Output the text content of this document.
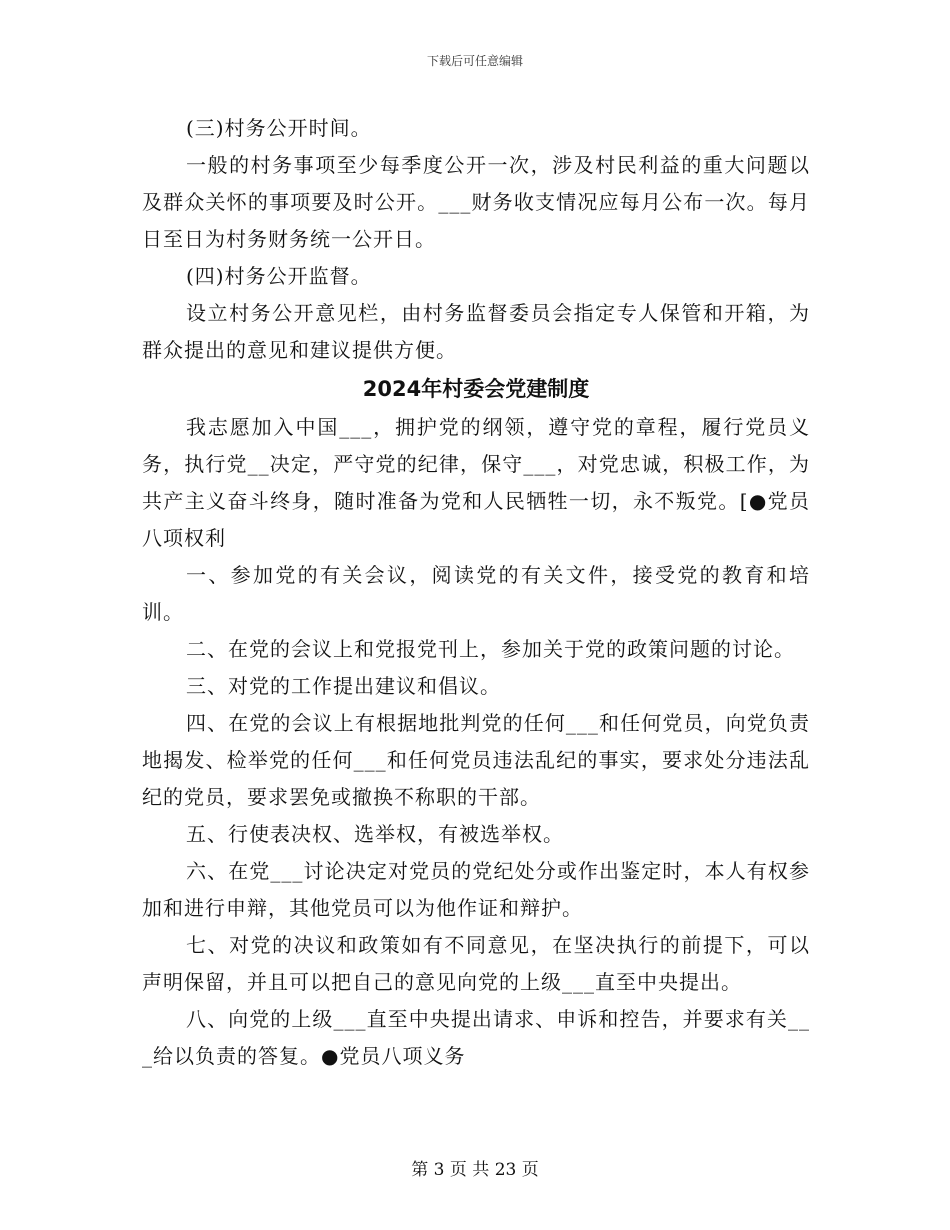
下载后可任意编辑

(三)村务公开时间。

一般的村务事项至少每季度公开一次，涉及村民利益的重大问题以及群众关怀的事项要及时公开。___财务收支情况应每月公布一次。每月日至日为村务财务统一公开日。

(四)村务公开监督。

设立村务公开意见栏，由村务监督委员会指定专人保管和开箱，为群众提出的意见和建议提供方便。

2024年村委会党建制度

我志愿加入中国___，拥护党的纲领，遵守党的章程，履行党员义务，执行党__决定，严守党的纪律，保守___，对党忠诚，积极工作，为共产主义奋斗终身，随时准备为党和人民牺牲一切，永不叛党。[●党员八项权利

一、参加党的有关会议，阅读党的有关文件，接受党的教育和培训。

二、在党的会议上和党报党刊上，参加关于党的政策问题的讨论。

三、对党的工作提出建议和倡议。

四、在党的会议上有根据地批判党的任何___和任何党员，向党负责地揭发、检举党的任何___和任何党员违法乱纪的事实，要求处分违法乱纪的党员，要求罢免或撤换不称职的干部。

五、行使表决权、选举权，有被选举权。

六、在党___讨论决定对党员的党纪处分或作出鉴定时，本人有权参加和进行申辩，其他党员可以为他作证和辩护。

七、对党的决议和政策如有不同意见，在坚决执行的前提下，可以声明保留，并且可以把自己的意见向党的上级___直至中央提出。

八、向党的上级___直至中央提出请求、申诉和控告，并要求有关___给以负责的答复。●党员八项义务

第 3 页 共 23 页
